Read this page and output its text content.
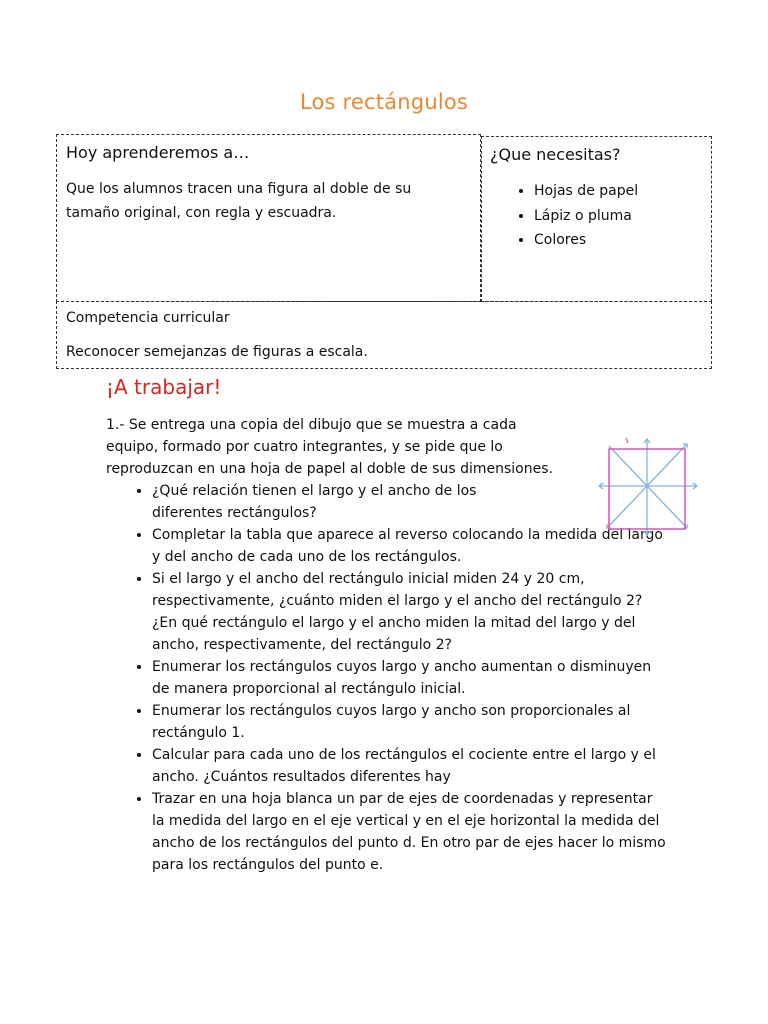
Los rectángulos
Hoy aprenderemos a…
Que los alumnos tracen una figura al doble de su tamaño original, con regla y escuadra.
¿Que necesitas?
• Hojas de papel
• Lápiz o pluma
• Colores
Competencia curricular
Reconocer semejanzas de figuras a escala.
¡A trabajar!

1.- Se entrega una copia del dibujo que se muestra a cada equipo, formado por cuatro integrantes, y se pide que lo reproduzcan en una hoja de papel al doble de sus dimensiones.

• ¿Qué relación tienen el largo y el ancho de los diferentes rectángulos?
• Completar la tabla que aparece al reverso colocando la medida del largo y del ancho de cada uno de los rectángulos.
• Si el largo y el ancho del rectángulo inicial miden 24 y 20 cm, respectivamente, ¿cuánto miden el largo y el ancho del rectángulo 2? ¿En qué rectángulo el largo y el ancho miden la mitad del largo y del ancho, respectivamente, del rectángulo 2?
• Enumerar los rectángulos cuyos largo y ancho aumentan o disminuyen de manera proporcional al rectángulo inicial.
• Enumerar los rectángulos cuyos largo y ancho son proporcionales al rectángulo 1.
• Calcular para cada uno de los rectángulos el cociente entre el largo y el ancho. ¿Cuántos resultados diferentes hay
• Trazar en una hoja blanca un par de ejes de coordenadas y representar la medida del largo en el eje vertical y en el eje horizontal la medida del ancho de los rectángulos del punto d. En otro par de ejes hacer lo mismo para los rectángulos del punto e.
